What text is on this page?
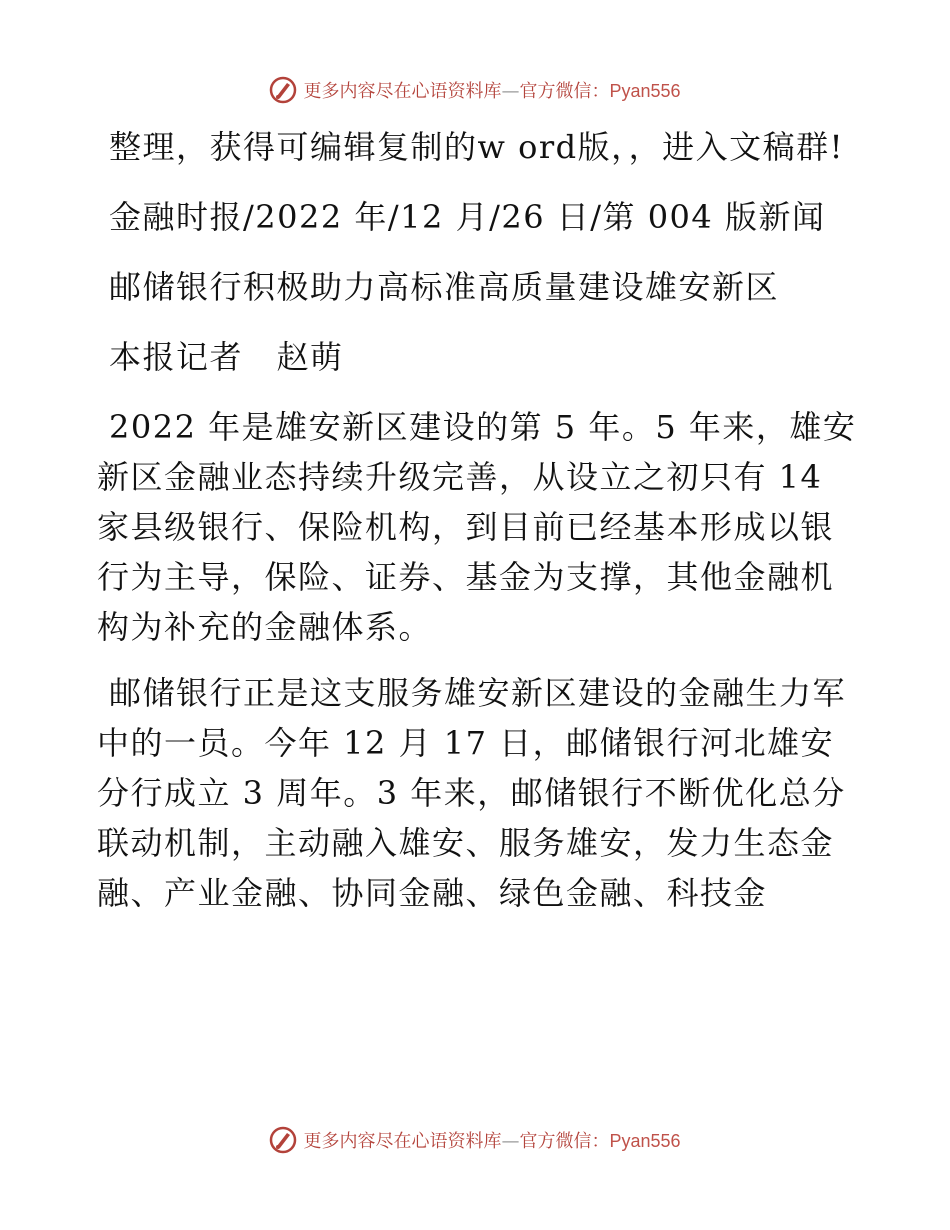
更多内容尽在心语资料库—官方微信：Pyan556

整理，获得可编辑复制的w ord版，，进入文稿群!

金融时报/2022 年/12 月/26 日/第 004 版新闻

邮储银行积极助力高标准高质量建设雄安新区

本报记者　赵萌

2022 年是雄安新区建设的第 5 年。5 年来，雄安新区金融业态持续升级完善，从设立之初只有 14 家县级银行、保险机构，到目前已经基本形成以银行为主导，保险、证券、基金为支撑，其他金融机构为补充的金融体系。

邮储银行正是这支服务雄安新区建设的金融生力军中的一员。今年 12 月 17 日，邮储银行河北雄安分行成立 3 周年。3 年来，邮储银行不断优化总分联动机制，主动融入雄安、服务雄安，发力生态金融、产业金融、协同金融、绿色金融、科技金

更多内容尽在心语资料库—官方微信：Pyan556
